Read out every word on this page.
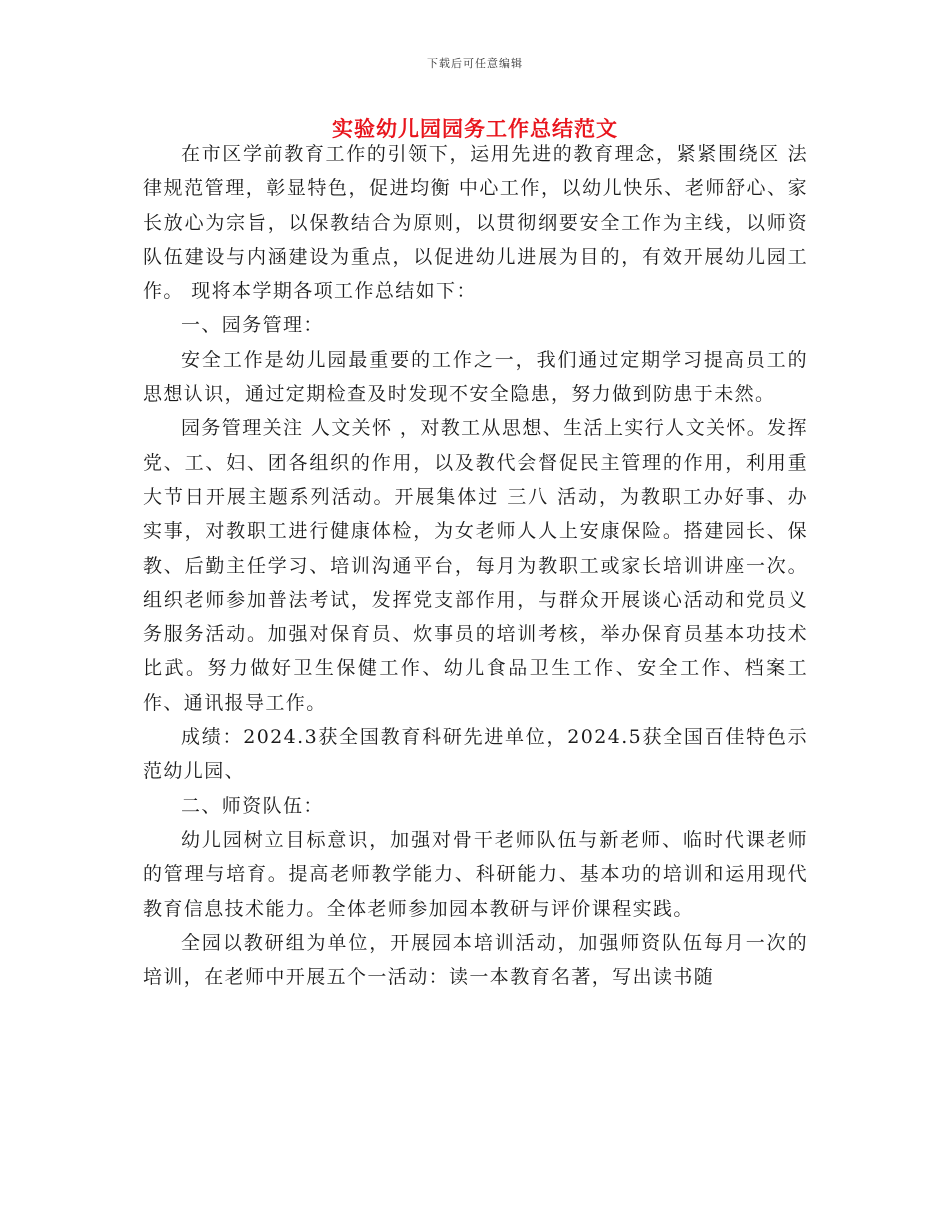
下载后可任意编辑
实验幼儿园园务工作总结范文

在市区学前教育工作的引领下，运用先进的教育理念，紧紧围绕区 法律规范管理，彰显特色，促进均衡 中心工作，以幼儿快乐、老师舒心、家长放心为宗旨，以保教结合为原则，以贯彻纲要安全工作为主线，以师资队伍建设与内涵建设为重点，以促进幼儿进展为目的，有效开展幼儿园工作。 现将本学期各项工作总结如下：

一、园务管理：

安全工作是幼儿园最重要的工作之一，我们通过定期学习提高员工的思想认识，通过定期检查及时发现不安全隐患，努力做到防患于未然。

园务管理关注 人文关怀 ，对教工从思想、生活上实行人文关怀。发挥党、工、妇、团各组织的作用，以及教代会督促民主管理的作用，利用重大节日开展主题系列活动。开展集体过 三八 活动，为教职工办好事、办实事，对教职工进行健康体检，为女老师人人上安康保险。搭建园长、保教、后勤主任学习、培训沟通平台，每月为教职工或家长培训讲座一次。组织老师参加普法考试，发挥党支部作用，与群众开展谈心活动和党员义务服务活动。加强对保育员、炊事员的培训考核，举办保育员基本功技术比武。努力做好卫生保健工作、幼儿食品卫生工作、安全工作、档案工作、通讯报导工作。

成绩：2024.3获全国教育科研先进单位，2024.5获全国百佳特色示范幼儿园、

二、师资队伍：

幼儿园树立目标意识，加强对骨干老师队伍与新老师、临时代课老师的管理与培育。提高老师教学能力、科研能力、基本功的培训和运用现代教育信息技术能力。全体老师参加园本教研与评价课程实践。

全园以教研组为单位，开展园本培训活动，加强师资队伍每月一次的培训，在老师中开展五个一活动：读一本教育名著，写出读书随
